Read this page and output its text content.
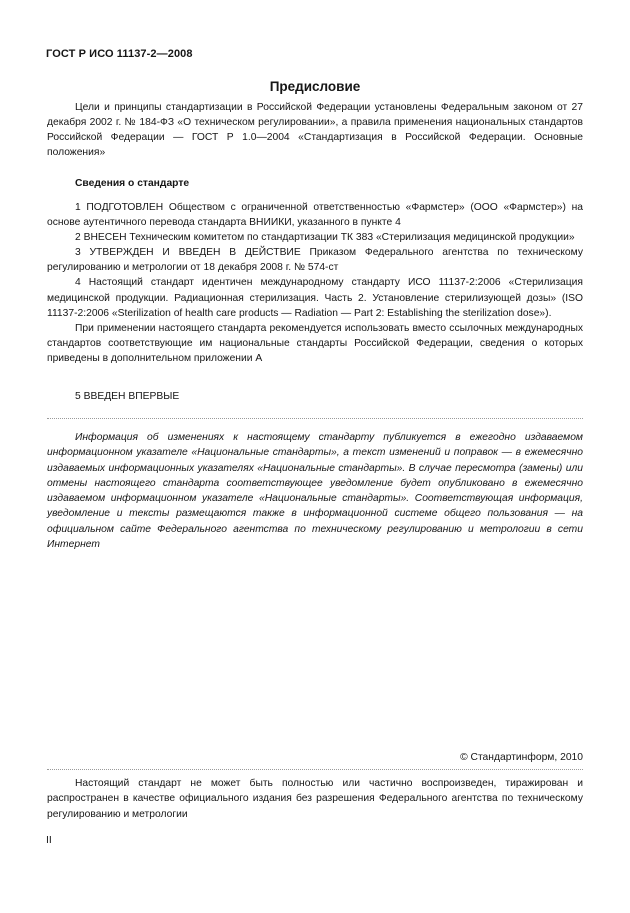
ГОСТ Р ИСО 11137-2—2008
Предисловие

Цели и принципы стандартизации в Российской Федерации установлены Федеральным законом от 27 декабря 2002 г. № 184-ФЗ «О техническом регулировании», а правила применения национальных стандартов Российской Федерации — ГОСТ Р 1.0—2004 «Стандартизация в Российской Федерации. Основные положения»

Сведения о стандарте

1 ПОДГОТОВЛЕН Обществом с ограниченной ответственностью «Фармстер» (ООО «Фармстер») на основе аутентичного перевода стандарта ВНИИКИ, указанного в пункте 4

2 ВНЕСЕН Техническим комитетом по стандартизации ТК 383 «Стерилизация медицинской продукции»

3 УТВЕРЖДЕН И ВВЕДЕН В ДЕЙСТВИЕ Приказом Федерального агентства по техническому регулированию и метрологии от 18 декабря 2008 г. № 574-ст

4 Настоящий стандарт идентичен международному стандарту ИСО 11137-2:2006 «Стерилизация медицинской продукции. Радиационная стерилизация. Часть 2. Установление стерилизующей дозы» (ISO 11137-2:2006 «Sterilization of health care products — Radiation — Part 2: Establishing the sterilization dose»).

При применении настоящего стандарта рекомендуется использовать вместо ссылочных международных стандартов соответствующие им национальные стандарты Российской Федерации, сведения о которых приведены в дополнительном приложении А

5 ВВЕДЕН ВПЕРВЫЕ

Информация об изменениях к настоящему стандарту публикуется в ежегодно издаваемом информационном указателе «Национальные стандарты», а текст изменений и поправок — в ежемесячно издаваемых информационных указателях «Национальные стандарты». В случае пересмотра (замены) или отмены настоящего стандарта соответствующее уведомление будет опубликовано в ежемесячно издаваемом информационном указателе «Национальные стандарты». Соответствующая информация, уведомление и тексты размещаются также в информационной системе общего пользования — на официальном сайте Федерального агентства по техническому регулированию и метрологии в сети Интернет

© Стандартинформ, 2010

Настоящий стандарт не может быть полностью или частично воспроизведен, тиражирован и распространен в качестве официального издания без разрешения Федерального агентства по техническому регулированию и метрологии

II
